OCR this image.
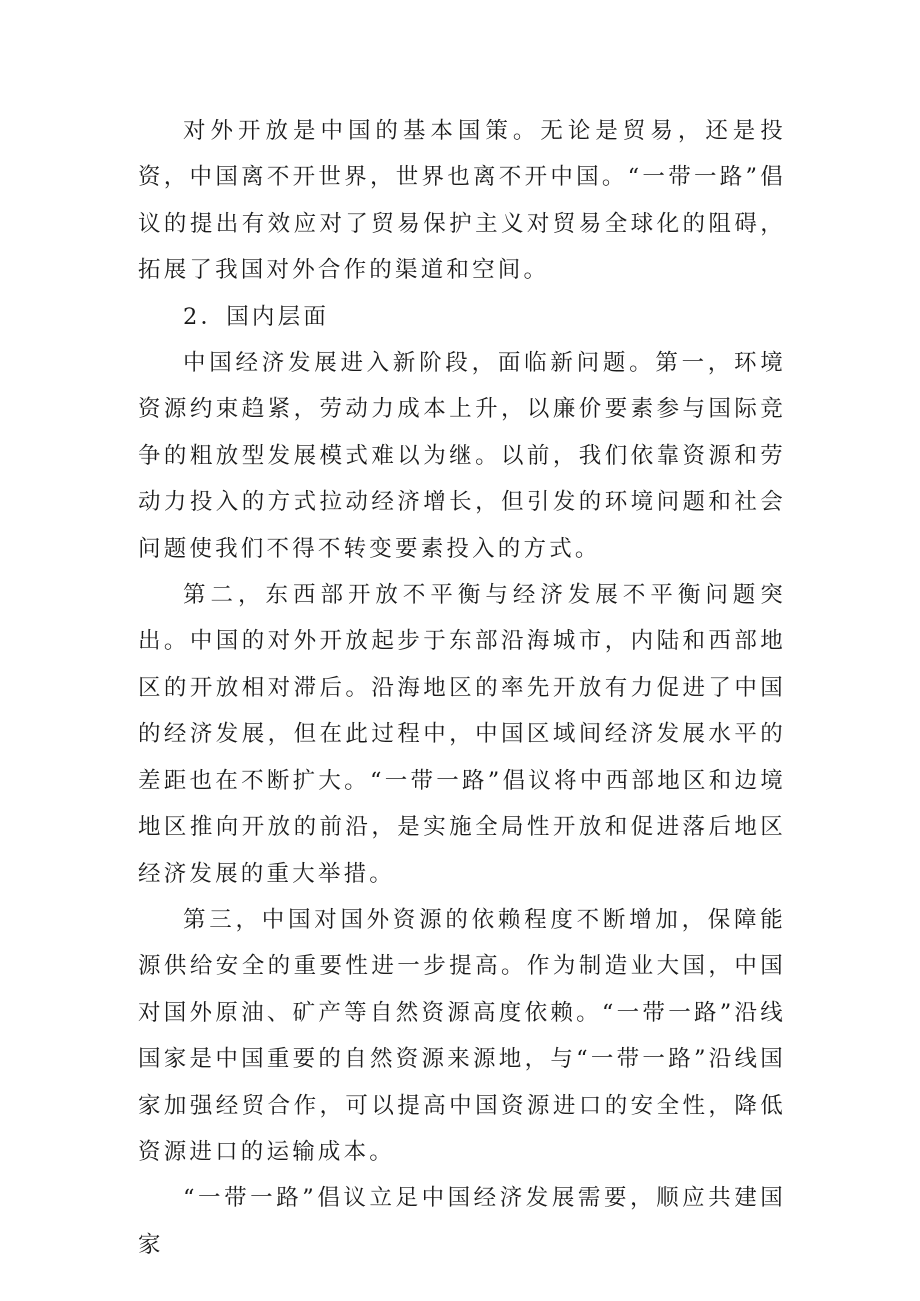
对外开放是中国的基本国策。无论是贸易，还是投资，中国离不开世界，世界也离不开中国。“一带一路”倡议的提出有效应对了贸易保护主义对贸易全球化的阻碍，拓展了我国对外合作的渠道和空间。

2．国内层面

中国经济发展进入新阶段，面临新问题。第一，环境资源约束趋紧，劳动力成本上升，以廉价要素参与国际竞争的粗放型发展模式难以为继。以前，我们依靠资源和劳动力投入的方式拉动经济增长，但引发的环境问题和社会问题使我们不得不转变要素投入的方式。

第二，东西部开放不平衡与经济发展不平衡问题突出。中国的对外开放起步于东部沿海城市，内陆和西部地区的开放相对滞后。沿海地区的率先开放有力促进了中国的经济发展，但在此过程中，中国区域间经济发展水平的差距也在不断扩大。“一带一路”倡议将中西部地区和边境地区推向开放的前沿，是实施全局性开放和促进落后地区经济发展的重大举措。

第三，中国对国外资源的依赖程度不断增加，保障能源供给安全的重要性进一步提高。作为制造业大国，中国对国外原油、矿产等自然资源高度依赖。“一带一路”沿线国家是中国重要的自然资源来源地，与“一带一路”沿线国家加强经贸合作，可以提高中国资源进口的安全性，降低资源进口的运输成本。

“一带一路”倡议立足中国经济发展需要，顺应共建国家
